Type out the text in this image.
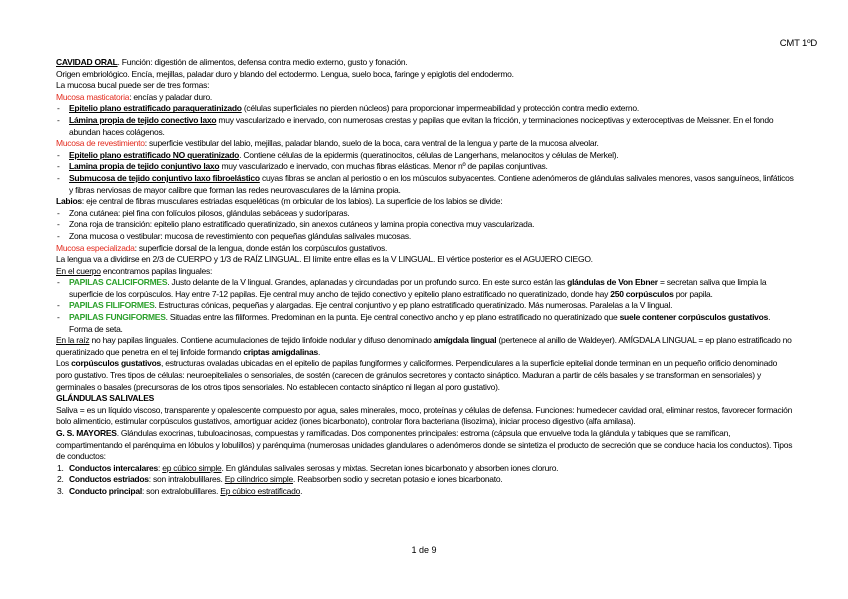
CMT 1ºD

CAVIDAD ORAL. Función: digestión de alimentos, defensa contra medio externo, gusto y fonación.

Origen embriológico. Encía, mejillas, paladar duro y blando del ectodermo. Lengua, suelo boca, faringe y epiglotis del endodermo.

La mucosa bucal puede ser de tres formas:

Mucosa masticatoria: encías y paladar duro.

- Epitelio plano estratificado paraqueratinizado (células superficiales no pierden núcleos) para proporcionar impermeabilidad y protección contra medio externo.

- Lámina propia de tejido conectivo laxo muy vascularizado e inervado, con numerosas crestas y papilas que evitan la fricción, y terminaciones nociceptivas y exteroceptivas de Meissner. En el fondo abundan haces colágenos.

Mucosa de revestimiento: superficie vestibular del labio, mejillas, paladar blando, suelo de la boca, cara ventral de la lengua y parte de la mucosa alveolar.

- Epitelio plano estratificado NO queratinizado. Contiene células de la epidermis (queratinocitos, células de Langerhans, melanocitos y células de Merkel).

- Lamina propia de tejido conjuntivo laxo muy vascularizado e inervado, con muchas fibras elásticas. Menor nº de papilas conjuntivas.

- Submucosa de tejido conjuntivo laxo fibroelástico cuyas fibras se anclan al periostio o en los músculos subyacentes. Contiene adenómeros de glándulas salivales menores, vasos sanguíneos, linfáticos y fibras nerviosas de mayor calibre que forman las redes neurovasculares de la lámina propia.

Labios: eje central de fibras musculares estriadas esqueléticas (m orbicular de los labios). La superficie de los labios se divide:

- Zona cutánea: piel fina con folículos pilosos, glándulas sebáceas y sudoríparas.

- Zona roja de transición: epitelio plano estratificado queratinizado, sin anexos cutáneos y lamina propia conectiva muy vascularizada.

- Zona mucosa o vestibular: mucosa de revestimiento con pequeñas glándulas salivales mucosas.

Mucosa especializada: superficie dorsal de la lengua, donde están los corpúsculos gustativos.

La lengua va a dividirse en 2/3 de CUERPO y 1/3 de RAÍZ LINGUAL. El límite entre ellas es la V LINGUAL. El vértice posterior es el AGUJERO CIEGO.

En el cuerpo encontramos papilas linguales:

- PAPILAS CALICIFORMES. Justo delante de la V lingual. Grandes, aplanadas y circundadas por un profundo surco. En este surco están las glándulas de Von Ebner = secretan saliva que limpia la superficie de los corpúsculos. Hay entre 7-12 papilas. Eje central muy ancho de tejido conectivo y epitelio plano estratificado no queratinizado, donde hay 250 corpúsculos por papila.

- PAPILAS FILIFORMES. Estructuras cónicas, pequeñas y alargadas. Eje central conjuntivo y ep plano estratificado queratinizado. Más numerosas. Paralelas a la V lingual.

- PAPILAS FUNGIFORMES. Situadas entre las filiformes. Predominan en la punta. Eje central conectivo ancho y ep plano estratificado no queratinizado que suele contener corpúsculos gustativos. Forma de seta.

En la raíz no hay papilas linguales. Contiene acumulaciones de tejido linfoide nodular y difuso denominado amígdala lingual (pertenece al anillo de Waldeyer). AMÍGDALA LINGUAL = ep plano estratificado no queratinizado que penetra en el tej linfoide formando criptas amigdalinas.

Los corpúsculos gustativos, estructuras ovaladas ubicadas en el epitelio de papilas fungiformes y caliciformes. Perpendiculares a la superficie epitelial donde terminan en un pequeño orificio denominado poro gustativo. Tres tipos de células: neuroepiteliales o sensoriales, de sostén (carecen de gránulos secretores y contacto sináptico. Maduran a partir de céls basales y se transforman en sensoriales) y germinales o basales (precursoras de los otros tipos sensoriales. No establecen contacto sináptico ni llegan al poro gustativo).

GLÁNDULAS SALIVALES

Saliva = es un líquido viscoso, transparente y opalescente compuesto por agua, sales minerales, moco, proteínas y células de defensa. Funciones: humedecer cavidad oral, eliminar restos, favorecer formación bolo alimenticio, estimular corpúsculos gustativos, amortiguar acidez (iones bicarbonato), controlar flora bacteriana (lisozima), iniciar proceso digestivo (alfa amilasa).

G. S. MAYORES. Glándulas exocrinas, tubuloacinosas, compuestas y ramificadas. Dos componentes principales: estroma (cápsula que envuelve toda la glándula y tabiques que se ramifican, compartimentando el parénquima en lóbulos y lobulillos) y parénquima (numerosas unidades glandulares o adenómeros donde se sintetiza el producto de secreción que se conduce hacia los conductos). Tipos de conductos:

1. Conductos intercalares: ep cúbico simple. En glándulas salivales serosas y mixtas. Secretan iones bicarbonato y absorben iones cloruro.

2. Conductos estriados: son intralobulillares. Ep cilíndrico simple. Reabsorben sodio y secretan potasio e iones bicarbonato.

3. Conducto principal: son extralobulillares. Ep cúbico estratificado.

1 de 9
